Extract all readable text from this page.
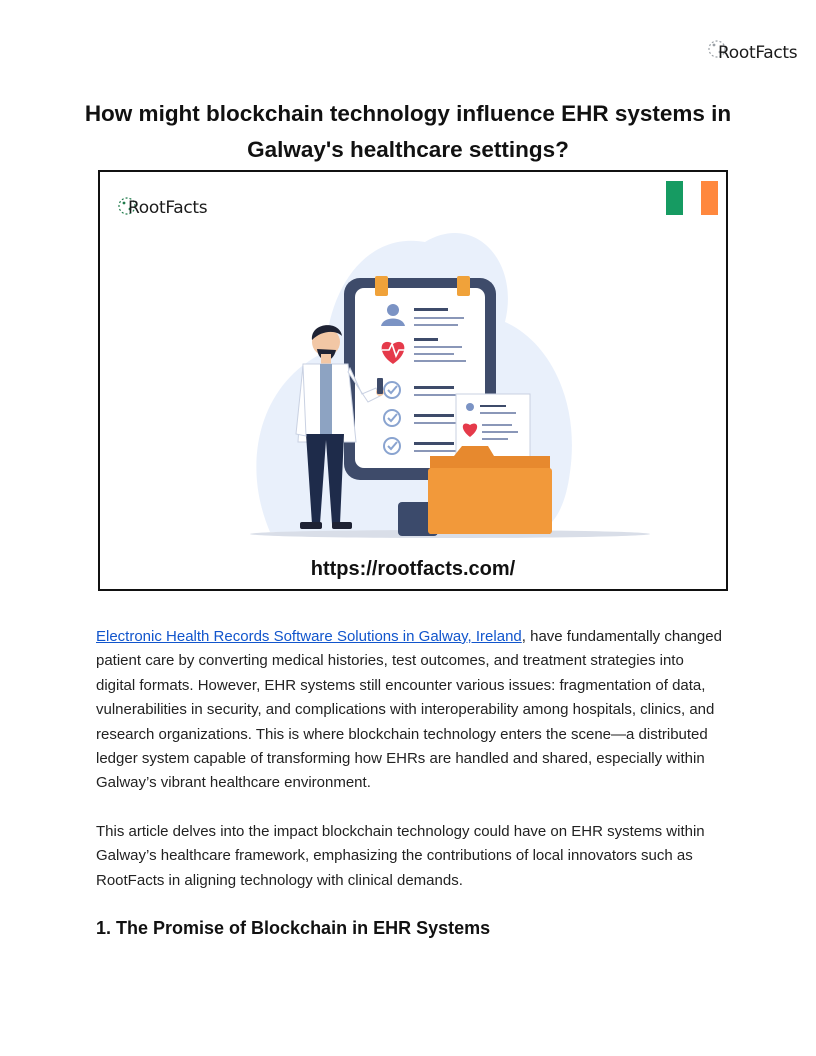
RootFacts
How might blockchain technology influence EHR systems in Galway's healthcare settings?
RootFacts
https://rootfacts.com/

Electronic Health Records Software Solutions in Galway, Ireland, have fundamentally changed patient care by converting medical histories, test outcomes, and treatment strategies into digital formats. However, EHR systems still encounter various issues: fragmentation of data, vulnerabilities in security, and complications with interoperability among hospitals, clinics, and research organizations. This is where blockchain technology enters the scene—a distributed ledger system capable of transforming how EHRs are handled and shared, especially within Galway’s vibrant healthcare environment.

This article delves into the impact blockchain technology could have on EHR systems within Galway’s healthcare framework, emphasizing the contributions of local innovators such as RootFacts in aligning technology with clinical demands.

1. The Promise of Blockchain in EHR Systems
